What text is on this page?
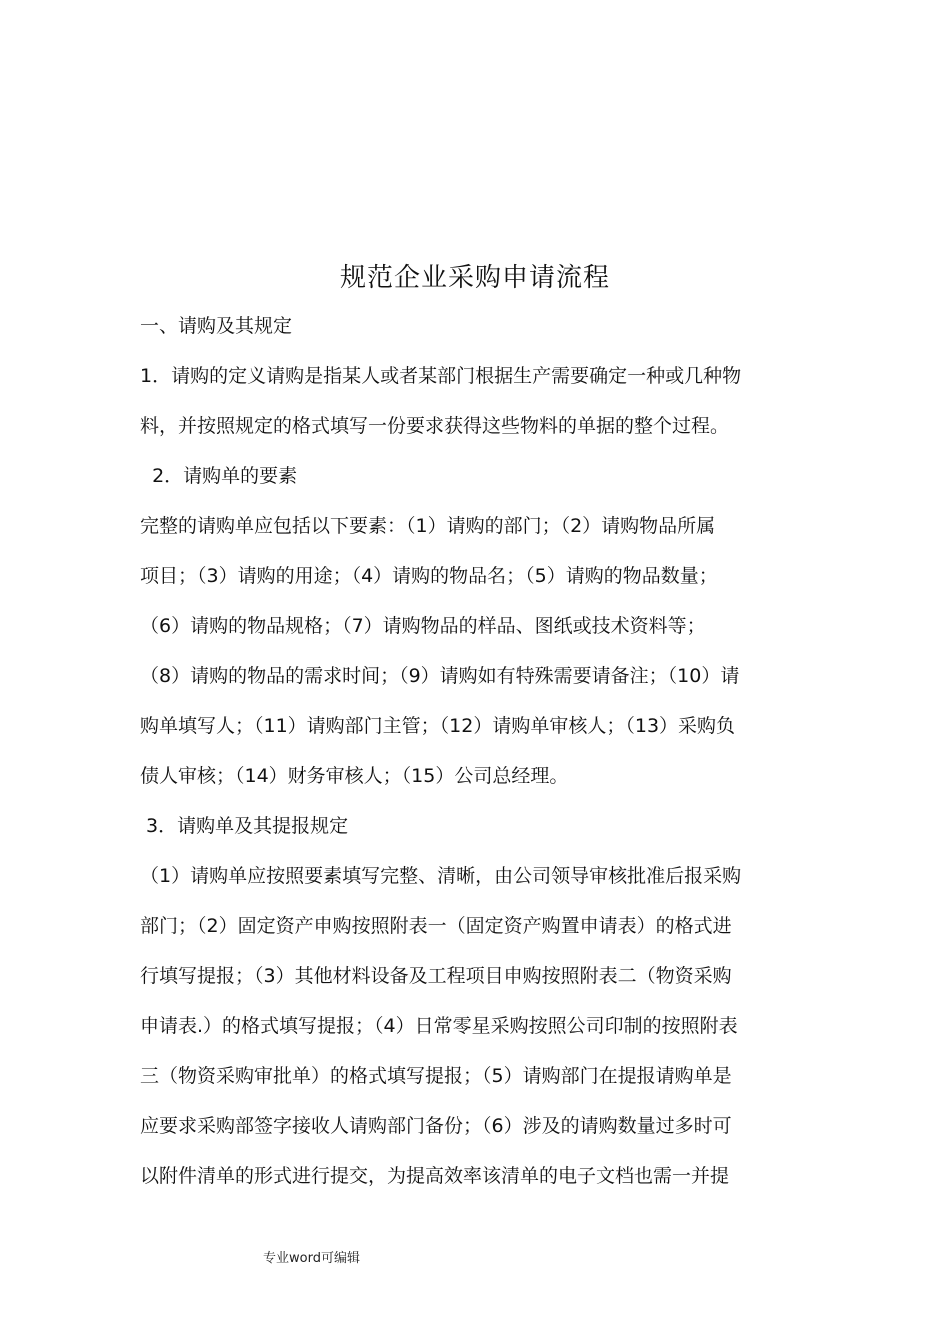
规范企业采购申请流程
一、请购及其规定
1．请购的定义请购是指某人或者某部门根据生产需要确定一种或几种物
料，并按照规定的格式填写一份要求获得这些物料的单据的整个过程。
2．请购单的要素
完整的请购单应包括以下要素：（1）请购的部门；（2）请购物品所属
项目；（3）请购的用途；（4）请购的物品名；（5）请购的物品数量；
（6）请购的物品规格；（7）请购物品的样品、图纸或技术资料等；
（8）请购的物品的需求时间；（9）请购如有特殊需要请备注；（10）请
购单填写人；（11）请购部门主管；（12）请购单审核人；（13）采购负
债人审核；（14）财务审核人；（15）公司总经理。
3．请购单及其提报规定
（1）请购单应按照要素填写完整、清晰，由公司领导审核批准后报采购
部门；（2）固定资产申购按照附表一（固定资产购置申请表）的格式进
行填写提报；（3）其他材料设备及工程项目申购按照附表二（物资采购
申请表.）的格式填写提报；（4）日常零星采购按照公司印制的按照附表
三（物资采购审批单）的格式填写提报；（5）请购部门在提报请购单是
应要求采购部签字接收人请购部门备份；（6）涉及的请购数量过多时可
以附件清单的形式进行提交，为提高效率该清单的电子文档也需一并提
专业word可编辑
